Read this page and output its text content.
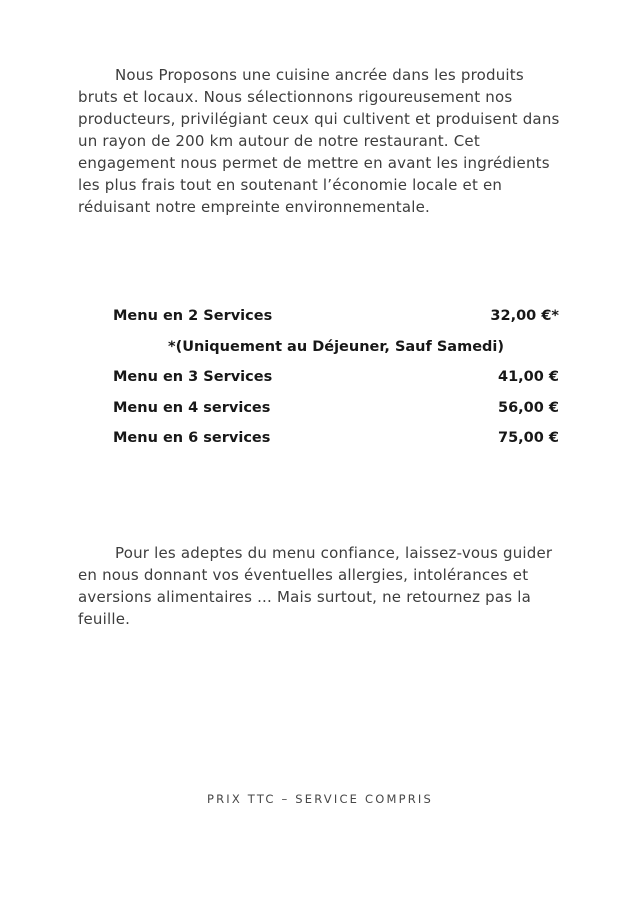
Nous Proposons une cuisine ancrée dans les produits bruts et locaux. Nous sélectionnons rigoureusement nos producteurs, privilégiant ceux qui cultivent et produisent dans un rayon de 200 km autour de notre restaurant. Cet engagement nous permet de mettre en avant les ingrédients les plus frais tout en soutenant l’économie locale et en réduisant notre empreinte environnementale.

Menu en 2 Services	32,00 €*
*(Uniquement au Déjeuner, Sauf Samedi)
Menu en 3 Services	41,00 €
Menu en 4 services	56,00 €
Menu en 6 services	75,00 €

Pour les adeptes du menu confiance, laissez-vous guider en nous donnant vos éventuelles allergies, intolérances et aversions alimentaires ... Mais surtout, ne retournez pas la feuille.

PRIX TTC – SERVICE COMPRIS
